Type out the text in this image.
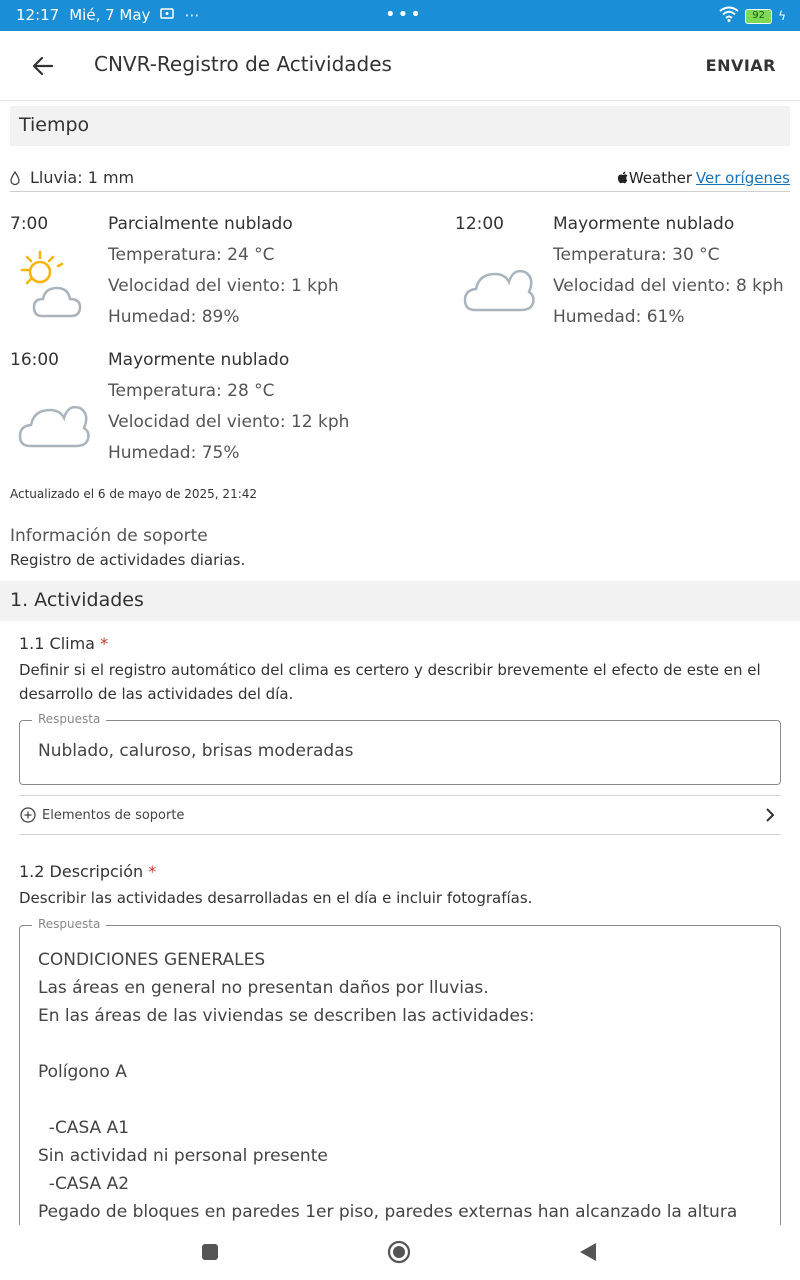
12:17 Mié, 7 May ⋯	•••	92	ϟ
CNVR-Registro de Actividades	ENVIAR
Tiempo
Lluvia: 1 mm	Weather Ver orígenes
7:00	Parcialmente nublado
Temperatura: 24 °C
Velocidad del viento: 1 kph
Humedad: 89%
12:00	Mayormente nublado
Temperatura: 30 °C
Velocidad del viento: 8 kph
Humedad: 61%
16:00	Mayormente nublado
Temperatura: 28 °C
Velocidad del viento: 12 kph
Humedad: 75%
Actualizado el 6 de mayo de 2025, 21:42
Información de soporte
Registro de actividades diarias.
1. Actividades
1.1 Clima *
Definir si el registro automático del clima es certero y describir brevemente el efecto de este en el desarrollo de las actividades del día.
Respuesta
Nublado, caluroso, brisas moderadas
Elementos de soporte
1.2 Descripción *
Describir las actividades desarrolladas en el día e incluir fotografías.
Respuesta
CONDICIONES GENERALES
Las áreas en general no presentan daños por lluvias.
En las áreas de las viviendas se describen las actividades:
Polígono A
-CASA A1
Sin actividad ni personal presente
-CASA A2
Pegado de bloques en paredes 1er piso, paredes externas han alcanzado la altura
